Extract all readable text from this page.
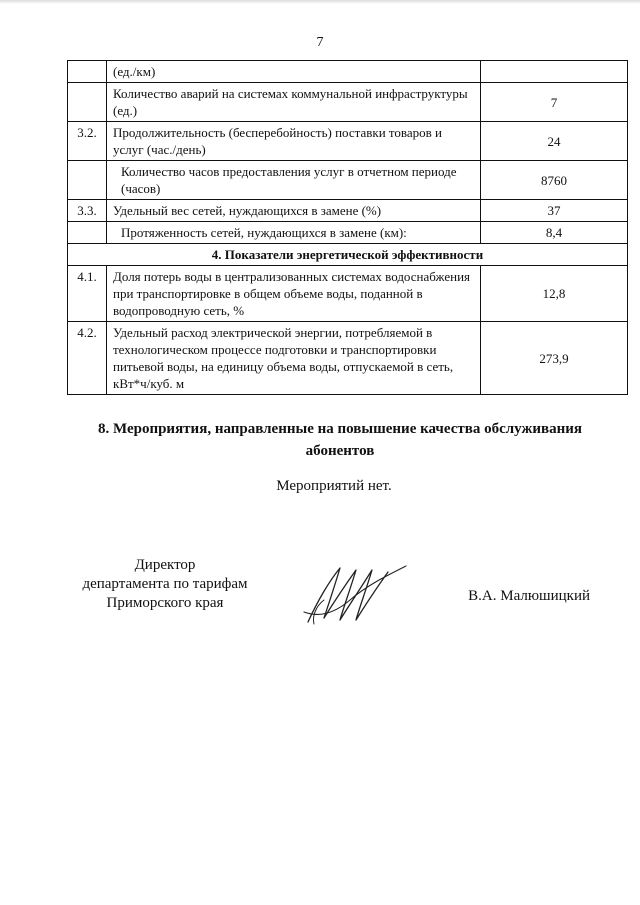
7
	(ед./км)	
	Количество аварий на системах коммунальной инфраструктуры (ед.)	7
3.2.	Продолжительность (бесперебойность) поставки товаров и услуг (час./день)	24
	Количество часов предоставления услуг в отчетном периоде (часов)	8760
3.3.	Удельный вес сетей, нуждающихся в замене (%)	37
	Протяженность сетей, нуждающихся в замене (км):	8,4
4. Показатели энергетической эффективности		
4.1.	Доля потерь воды в централизованных системах водоснабжения при транспортировке в общем объеме воды, поданной в водопроводную сеть, %	12,8
4.2.	Удельный расход электрической энергии, потребляемой в технологическом процессе подготовки и транспортировки питьевой воды, на единицу объема воды, отпускаемой в сеть, кВт*ч/куб. м	273,9
8. Мероприятия, направленные на повышение качества обслуживания абонентов
Мероприятий нет.
Директор
департамента по тарифам
Приморского края	В.А. Малюшицкий
